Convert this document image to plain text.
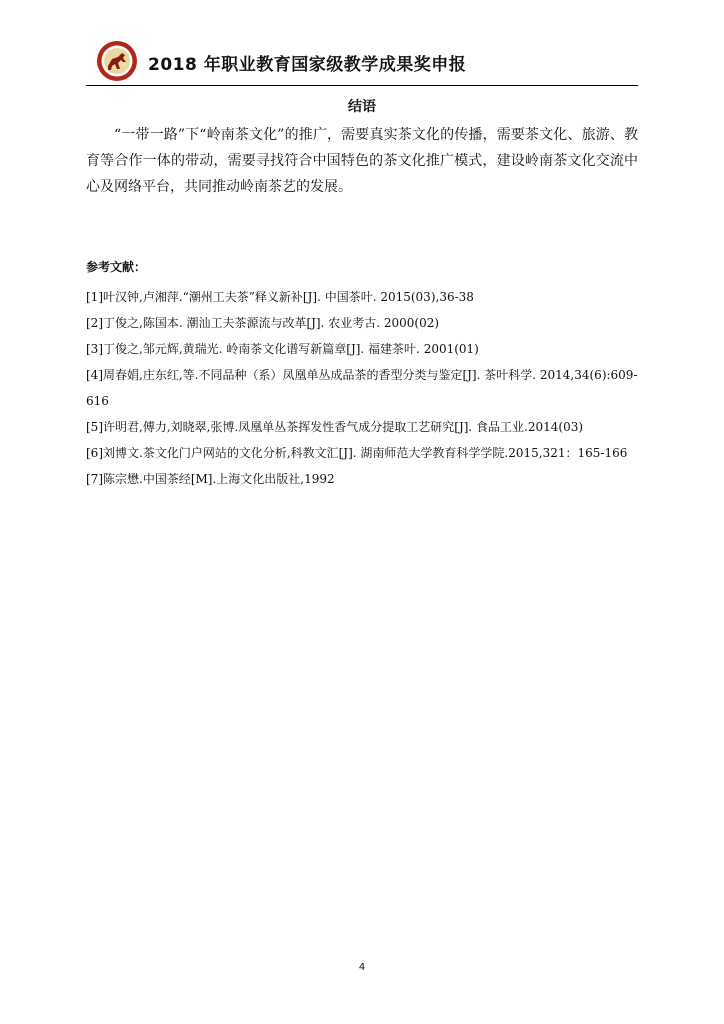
2018 年职业教育国家级教学成果奖申报
结语

“一带一路”下“岭南茶文化”的推广，需要真实茶文化的传播，需要茶文化、旅游、教育等合作一体的带动，需要寻找符合中国特色的茶文化推广模式，建设岭南茶文化交流中心及网络平台，共同推动岭南茶艺的发展。

参考文献：
[1]叶汉钟,卢湘萍.“潮州工夫茶”释义新补[J]. 中国茶叶. 2015(03),36-38
[2]丁俊之,陈国本. 潮汕工夫茶源流与改革[J]. 农业考古. 2000(02)
[3]丁俊之,邹元辉,黄瑞光. 岭南茶文化谱写新篇章[J]. 福建茶叶. 2001(01)
[4]周春娟,庄东红,等.不同品种（系）凤凰单丛成品茶的香型分类与鉴定[J]. 茶叶科学. 2014,34(6):609-616
[5]许明君,傅力,刘晓翠,张博.凤凰单丛茶挥发性香气成分提取工艺研究[J]. 食品工业.2014(03)
[6]刘博文.茶文化门户网站的文化分析,科教文汇[J]. 湖南师范大学教育科学学院.2015,321：165-166
[7]陈宗懋.中国茶经[M].上海文化出版社,1992
4
